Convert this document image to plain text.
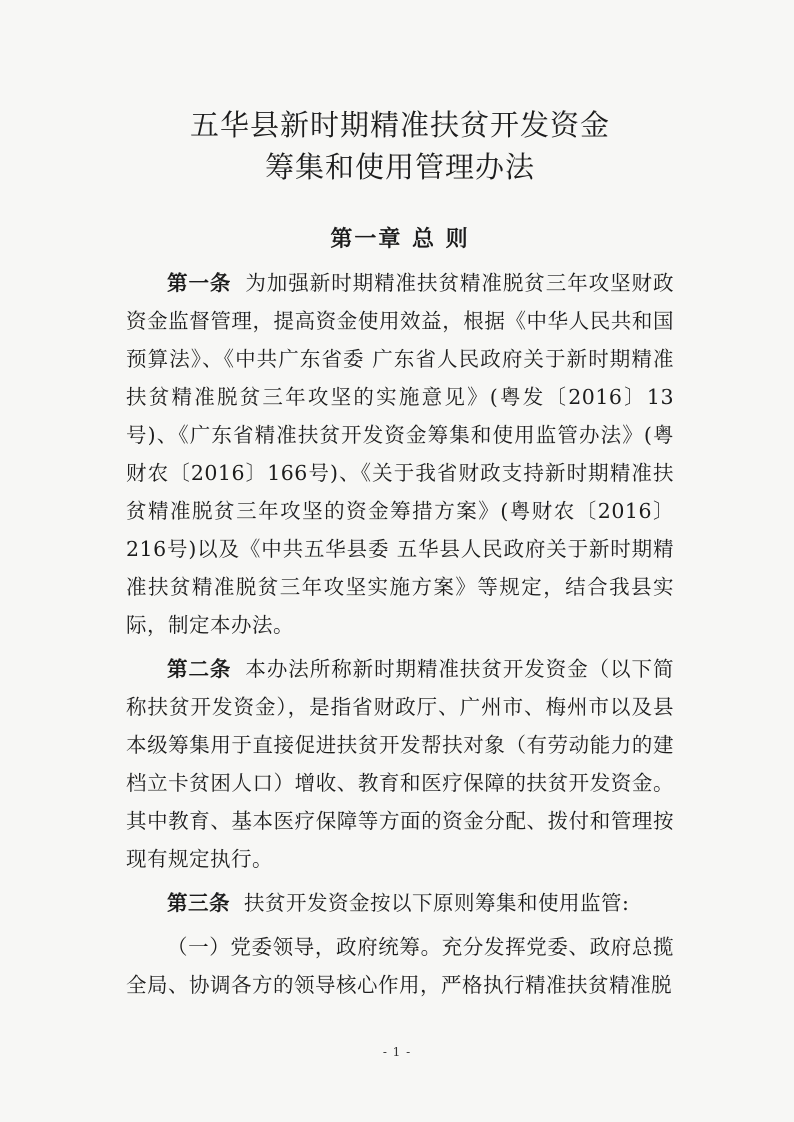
五华县新时期精准扶贫开发资金
筹集和使用管理办法
第一章 总 则

第一条 为加强新时期精准扶贫精准脱贫三年攻坚财政资金监督管理，提高资金使用效益，根据《中华人民共和国预算法》、《中共广东省委 广东省人民政府关于新时期精准扶贫精准脱贫三年攻坚的实施意见》(粤发〔2016〕13号)、《广东省精准扶贫开发资金筹集和使用监管办法》(粤财农〔2016〕166号)、《关于我省财政支持新时期精准扶贫精准脱贫三年攻坚的资金筹措方案》(粤财农〔2016〕216号)以及《中共五华县委 五华县人民政府关于新时期精准扶贫精准脱贫三年攻坚实施方案》等规定，结合我县实际，制定本办法。

第二条 本办法所称新时期精准扶贫开发资金（以下简称扶贫开发资金），是指省财政厅、广州市、梅州市以及县本级筹集用于直接促进扶贫开发帮扶对象（有劳动能力的建档立卡贫困人口）增收、教育和医疗保障的扶贫开发资金。其中教育、基本医疗保障等方面的资金分配、拨付和管理按现有规定执行。

第三条 扶贫开发资金按以下原则筹集和使用监管:

（一）党委领导，政府统筹。充分发挥党委、政府总揽全局、协调各方的领导核心作用，严格执行精准扶贫精准脱

- 1 -
